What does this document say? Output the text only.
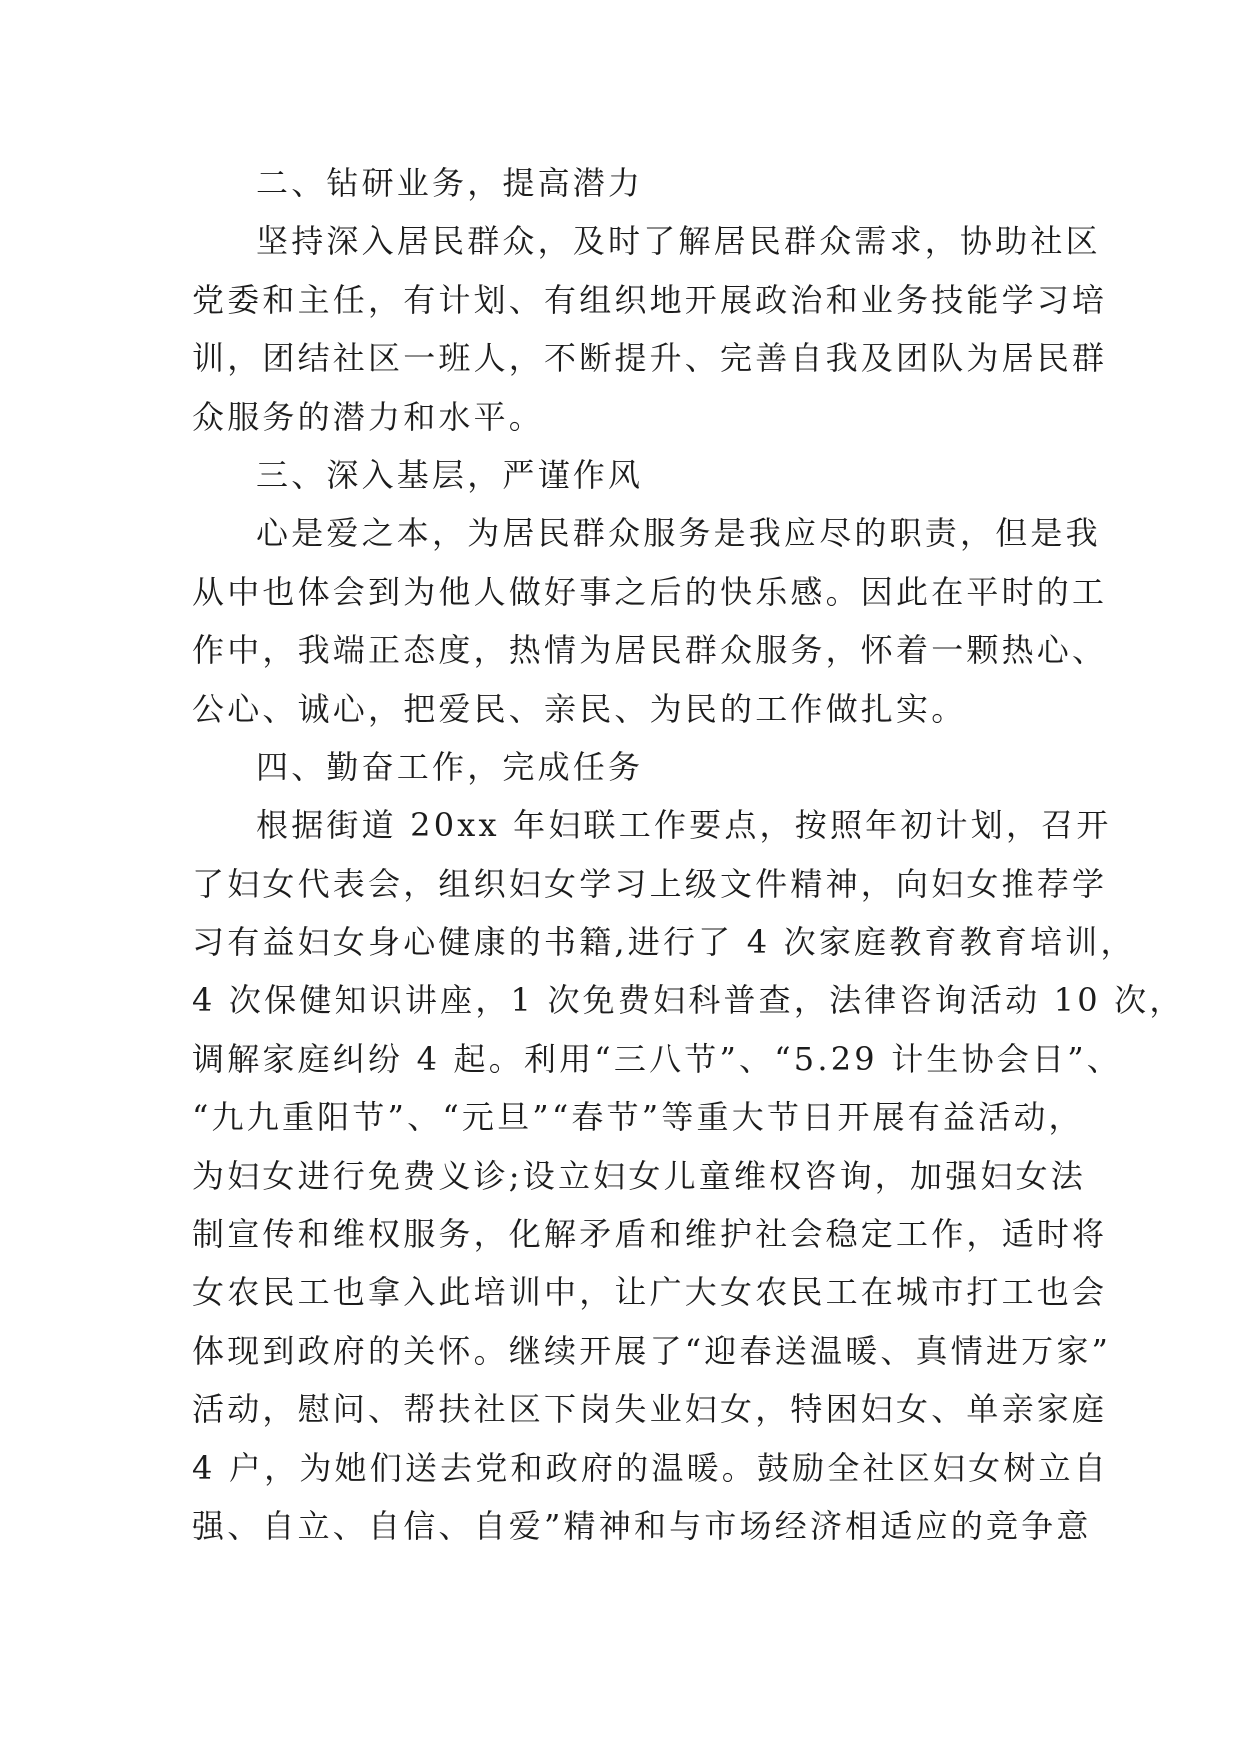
二、钻研业务，提高潜力
坚持深入居民群众，及时了解居民群众需求，协助社区
党委和主任，有计划、有组织地开展政治和业务技能学习培
训，团结社区一班人，不断提升、完善自我及团队为居民群
众服务的潜力和水平。
三、深入基层，严谨作风
心是爱之本，为居民群众服务是我应尽的职责，但是我
从中也体会到为他人做好事之后的快乐感。因此在平时的工
作中，我端正态度，热情为居民群众服务，怀着一颗热心、
公心、诚心，把爱民、亲民、为民的工作做扎实。
四、勤奋工作，完成任务
根据街道 20xx 年妇联工作要点，按照年初计划，召开
了妇女代表会，组织妇女学习上级文件精神，向妇女推荐学
习有益妇女身心健康的书籍,进行了 4 次家庭教育教育培训，
4 次保健知识讲座，1 次免费妇科普查，法律咨询活动 10 次，
调解家庭纠纷 4 起。利用“三八节”、“5.29 计生协会日”、
“九九重阳节”、“元旦”“春节”等重大节日开展有益活动，
为妇女进行免费义诊;设立妇女儿童维权咨询，加强妇女法
制宣传和维权服务，化解矛盾和维护社会稳定工作，适时将
女农民工也拿入此培训中，让广大女农民工在城市打工也会
体现到政府的关怀。继续开展了“迎春送温暖、真情进万家”
活动，慰问、帮扶社区下岗失业妇女，特困妇女、单亲家庭
4 户，为她们送去党和政府的温暖。鼓励全社区妇女树立自
强、自立、自信、自爱”精神和与市场经济相适应的竞争意
